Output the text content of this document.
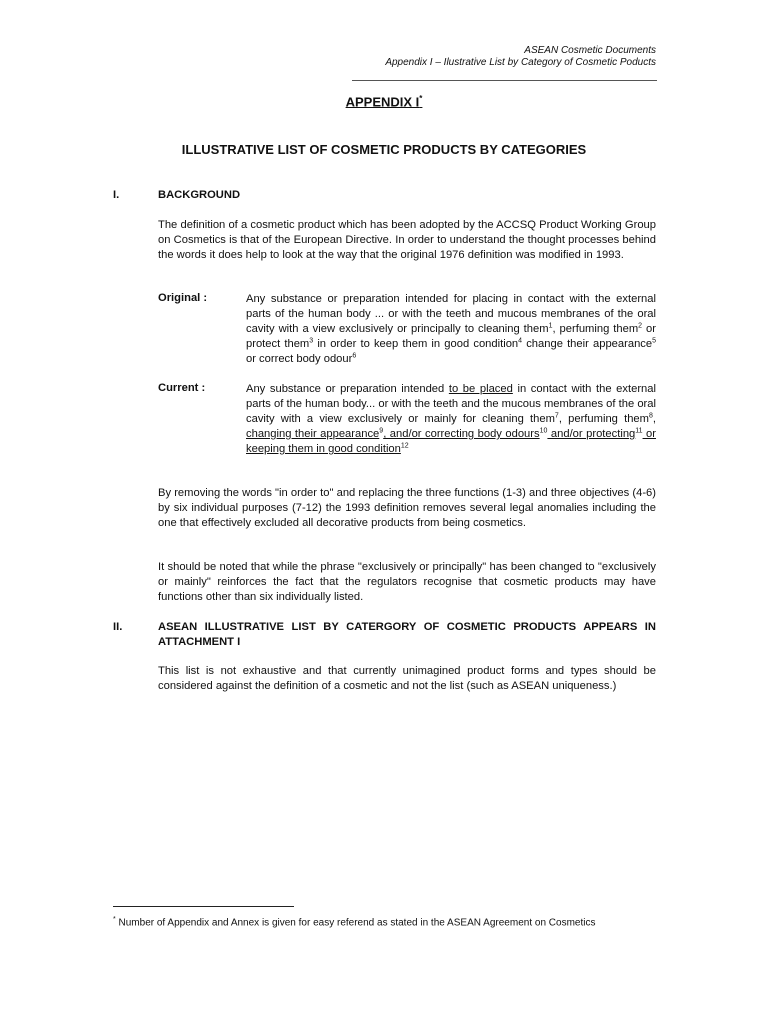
ASEAN Cosmetic Documents
Appendix I – Ilustrative List by Category of Cosmetic Poducts
APPENDIX I*
ILLUSTRATIVE LIST OF COSMETIC PRODUCTS BY CATEGORIES
I.	BACKGROUND

The definition of a cosmetic product which has been adopted by the ACCSQ Product Working Group on Cosmetics is that of the European Directive. In order to understand the thought processes behind the words it does help to look at the way that the original 1976 definition was modified in 1993.

Original :	Any substance or preparation intended for placing in contact with the external parts of the human body ... or with the teeth and mucous membranes of the oral cavity with a view exclusively or principally to cleaning them$^1$, perfuming them$^2$ or protect them$^3$ in order to keep them in good condition$^4$ change their appearance$^5$ or correct body odour$^6$

Current :	Any substance or preparation intended to be placed in contact with the external parts of the human body... or with the teeth and the mucous membranes of the oral cavity with a view exclusively or mainly for cleaning them$^7$, perfuming them$^8$, changing their appearance$^9$, and/or correcting body odours$^{10}$ and/or protecting$^{11}$ or keeping them in good condition$^{12}$

By removing the words "in order to" and replacing the three functions (1-3) and three objectives (4-6) by six individual purposes (7-12) the 1993 definition removes several legal anomalies including the one that effectively excluded all decorative products from being cosmetics.

It should be noted that while the phrase "exclusively or principally" has been changed to "exclusively or mainly" reinforces the fact that the regulators recognise that cosmetic products may have functions other than six individually listed.

II.	ASEAN ILLUSTRATIVE LIST BY CATERGORY OF COSMETIC PRODUCTS APPEARS IN ATTACHMENT I

This list is not exhaustive and that currently unimagined product forms and types should be considered against the definition of a cosmetic and not the list (such as ASEAN uniqueness.)

* Number of Appendix and Annex is given for easy referend as stated in the ASEAN Agreement on Cosmetics
